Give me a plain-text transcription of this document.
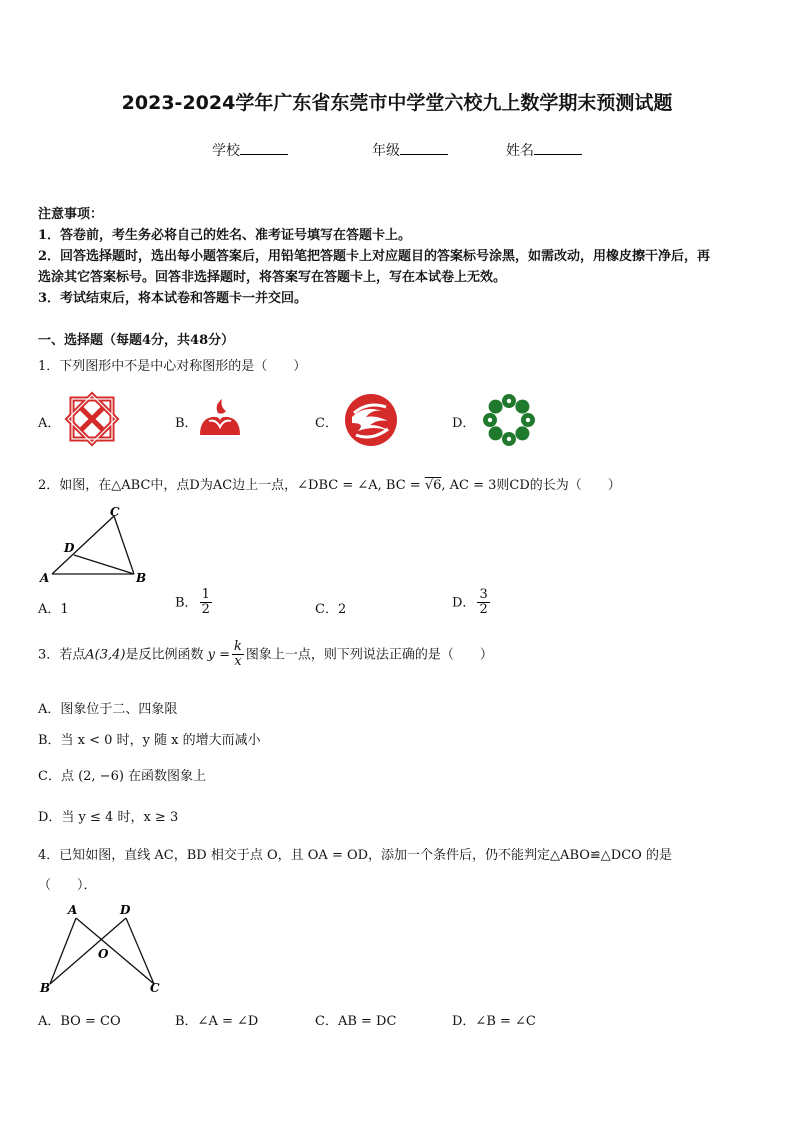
2023-2024学年广东省东莞市中学堂六校九上数学期末预测试题
学校	年级	姓名
注意事项：
1．答卷前，考生务必将自己的姓名、准考证号填写在答题卡上。
2．回答选择题时，选出每小题答案后，用铅笔把答题卡上对应题目的答案标号涂黑，如需改动，用橡皮擦干净后，再
选涂其它答案标号。回答非选择题时，将答案写在答题卡上，写在本试卷上无效。
3．考试结束后，将本试卷和答题卡一并交回。
一、选择题（每题4分，共48分）
1．下列图形中不是中心对称图形的是（　　）
A．	B．	C．	D．
2．如图，在△ABC中，点D为AC边上一点，∠DBC = ∠A, BC = √6, AC = 3则CD的长为（　　）
C
D
A	B
A．1	B． $\frac{1}{2}$	C．2	D． $\frac{3}{2}$
3．若点A(3,4)是反比例函数 $y = \frac{k}{x}$ 图象上一点，则下列说法正确的是（　　）
A．图象位于二、四象限
B．当 x < 0 时，y 随 x 的增大而减小
C．点 (2, −6) 在函数图象上
D．当 y ≤ 4 时，x ≥ 3
4．已知如图，直线 AC，BD 相交于点 O，且 OA = OD，添加一个条件后，仍不能判定△ABO≌△DCO 的是
（　　）．
A	D
O
B	C
A．BO = CO	B．∠A = ∠D	C．AB = DC	D．∠B = ∠C
